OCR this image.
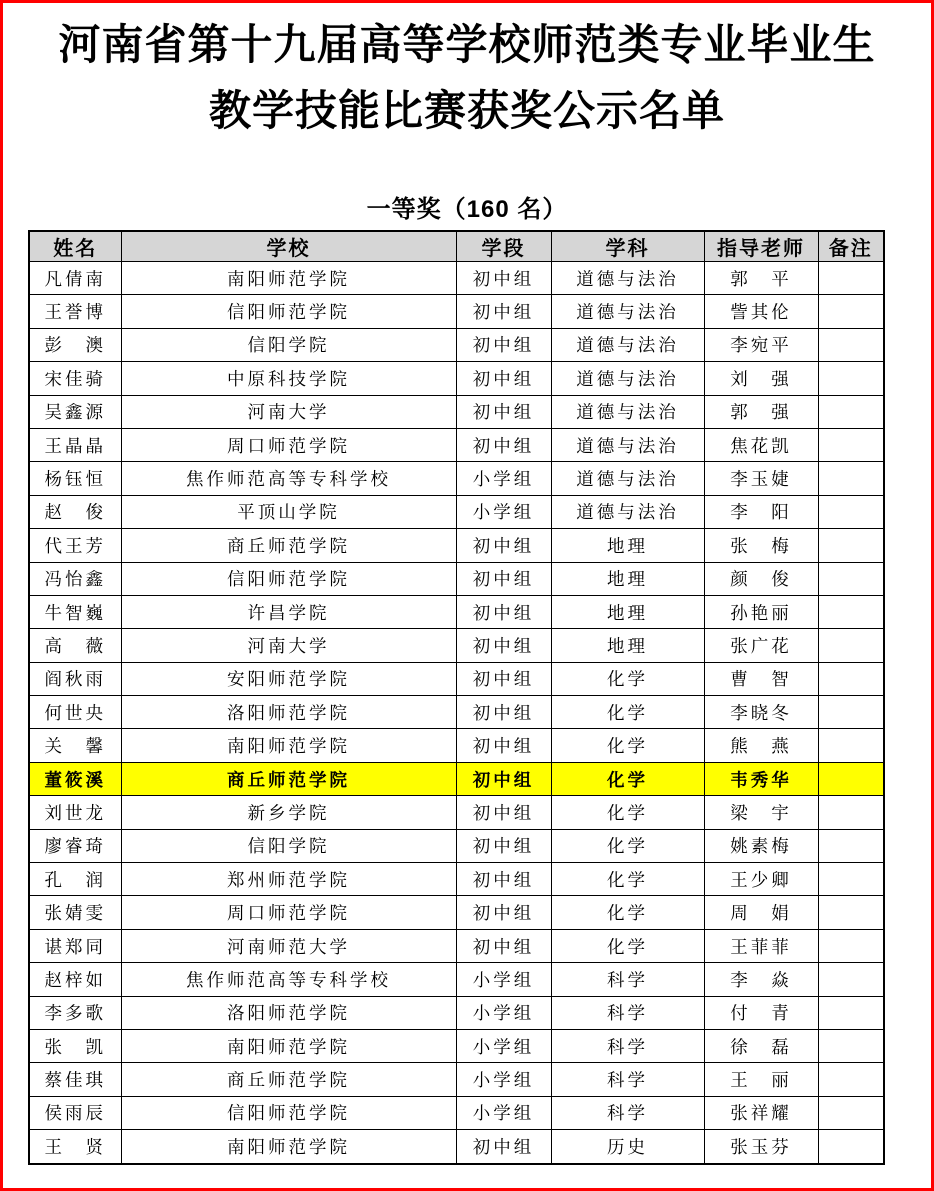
河南省第十九届高等学校师范类专业毕业生
教学技能比赛获奖公示名单
一等奖（160 名）
姓名	学校	学段	学科	指导老师	备注
凡倩南	南阳师范学院	初中组	道德与法治	郭　平	
王誉博	信阳师范学院	初中组	道德与法治	訾其伦	
彭　澳	信阳学院	初中组	道德与法治	李宛平	
宋佳骑	中原科技学院	初中组	道德与法治	刘　强	
吴鑫源	河南大学	初中组	道德与法治	郭　强	
王晶晶	周口师范学院	初中组	道德与法治	焦花凯	
杨钰恒	焦作师范高等专科学校	小学组	道德与法治	李玉婕	
赵　俊	平顶山学院	小学组	道德与法治	李　阳	
代王芳	商丘师范学院	初中组	地理	张　梅	
冯怡鑫	信阳师范学院	初中组	地理	颜　俊	
牛智巍	许昌学院	初中组	地理	孙艳丽	
高　薇	河南大学	初中组	地理	张广花	
阎秋雨	安阳师范学院	初中组	化学	曹　智	
何世央	洛阳师范学院	初中组	化学	李晓冬	
关　馨	南阳师范学院	初中组	化学	熊　燕	
董筱溪	商丘师范学院	初中组	化学	韦秀华	
刘世龙	新乡学院	初中组	化学	梁　宇	
廖睿琦	信阳学院	初中组	化学	姚素梅	
孔　润	郑州师范学院	初中组	化学	王少卿	
张婧雯	周口师范学院	初中组	化学	周　娟	
谌郑同	河南师范大学	初中组	化学	王菲菲	
赵梓如	焦作师范高等专科学校	小学组	科学	李　焱	
李多歌	洛阳师范学院	小学组	科学	付　青	
张　凯	南阳师范学院	小学组	科学	徐　磊	
蔡佳琪	商丘师范学院	小学组	科学	王　丽	
侯雨辰	信阳师范学院	小学组	科学	张祥耀	
王　贤	南阳师范学院	初中组	历史	张玉芬	
